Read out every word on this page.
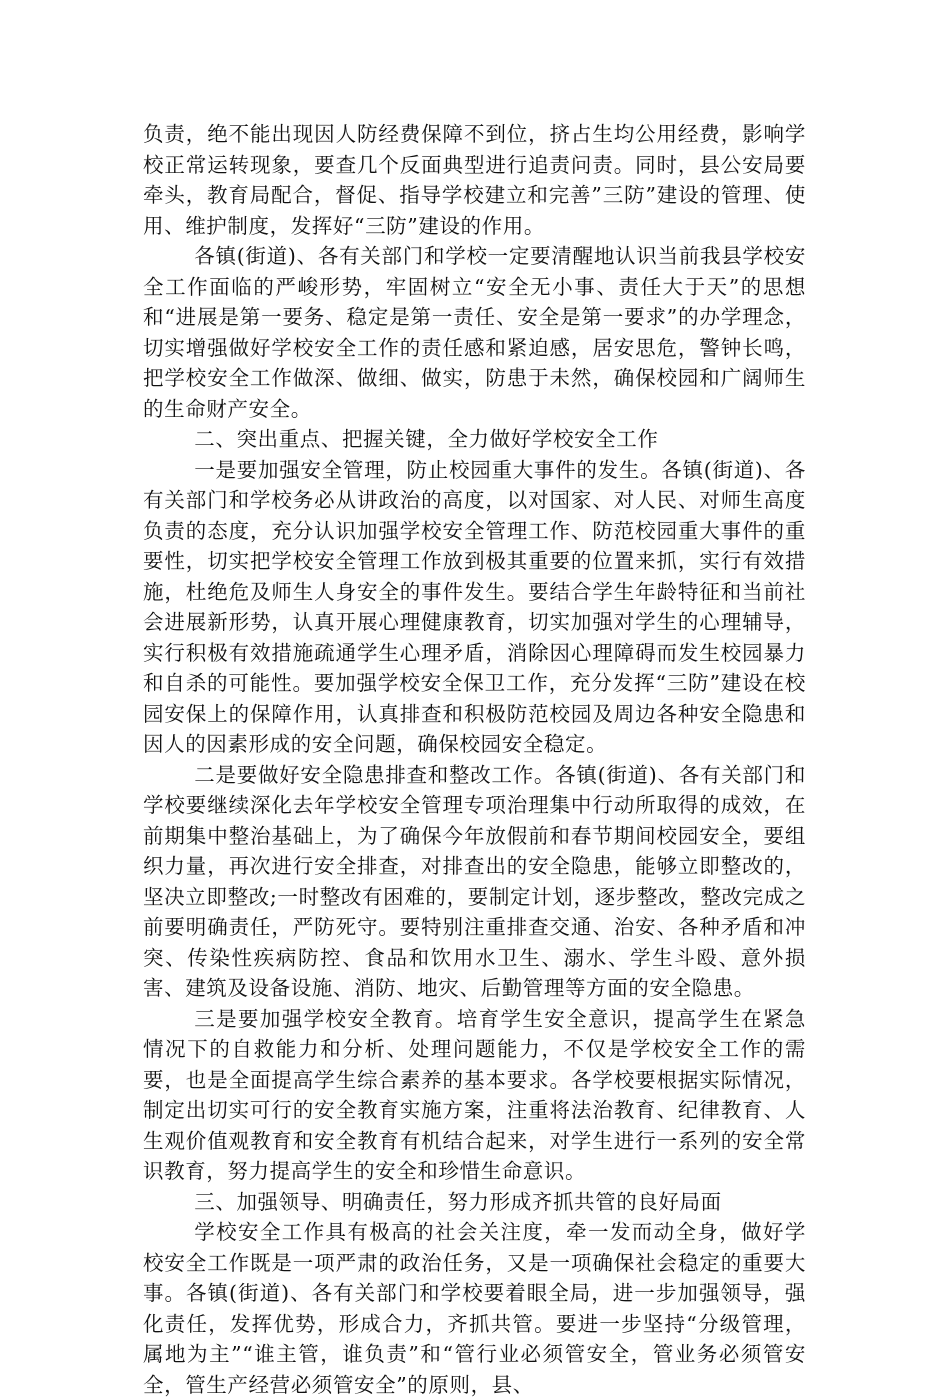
负责，绝不能出现因人防经费保障不到位，挤占生均公用经费，影响学校正常运转现象，要查几个反面典型进行追责问责。同时，县公安局要牵头，教育局配合，督促、指导学校建立和完善”三防”建设的管理、使用、维护制度，发挥好“三防”建设的作用。

各镇(街道)、各有关部门和学校一定要清醒地认识当前我县学校安全工作面临的严峻形势，牢固树立“安全无小事、责任大于天”的思想和“进展是第一要务、稳定是第一责任、安全是第一要求”的办学理念，切实增强做好学校安全工作的责任感和紧迫感，居安思危，警钟长鸣，把学校安全工作做深、做细、做实，防患于未然，确保校园和广阔师生的生命财产安全。

二、突出重点、把握关键，全力做好学校安全工作

一是要加强安全管理，防止校园重大事件的发生。各镇(街道)、各有关部门和学校务必从讲政治的高度，以对国家、对人民、对师生高度负责的态度，充分认识加强学校安全管理工作、防范校园重大事件的重要性，切实把学校安全管理工作放到极其重要的位置来抓，实行有效措施，杜绝危及师生人身安全的事件发生。要结合学生年龄特征和当前社会进展新形势，认真开展心理健康教育，切实加强对学生的心理辅导，实行积极有效措施疏通学生心理矛盾，消除因心理障碍而发生校园暴力和自杀的可能性。要加强学校安全保卫工作，充分发挥“三防”建设在校园安保上的保障作用，认真排查和积极防范校园及周边各种安全隐患和因人的因素形成的安全问题，确保校园安全稳定。

二是要做好安全隐患排查和整改工作。各镇(街道)、各有关部门和学校要继续深化去年学校安全管理专项治理集中行动所取得的成效，在前期集中整治基础上，为了确保今年放假前和春节期间校园安全，要组织力量，再次进行安全排查，对排查出的安全隐患，能够立即整改的，坚决立即整改;一时整改有困难的，要制定计划，逐步整改，整改完成之前要明确责任，严防死守。要特别注重排查交通、治安、各种矛盾和冲突、传染性疾病防控、食品和饮用水卫生、溺水、学生斗殴、意外损害、建筑及设备设施、消防、地灾、后勤管理等方面的安全隐患。

三是要加强学校安全教育。培育学生安全意识，提高学生在紧急情况下的自救能力和分析、处理问题能力，不仅是学校安全工作的需要，也是全面提高学生综合素养的基本要求。各学校要根据实际情况，制定出切实可行的安全教育实施方案，注重将法治教育、纪律教育、人生观价值观教育和安全教育有机结合起来，对学生进行一系列的安全常识教育，努力提高学生的安全和珍惜生命意识。

三、加强领导、明确责任，努力形成齐抓共管的良好局面

学校安全工作具有极高的社会关注度，牵一发而动全身，做好学校安全工作既是一项严肃的政治任务，又是一项确保社会稳定的重要大事。各镇(街道)、各有关部门和学校要着眼全局，进一步加强领导，强化责任，发挥优势，形成合力，齐抓共管。要进一步坚持“分级管理，属地为主”“谁主管，谁负责”和“管行业必须管安全，管业务必须管安全，管生产经营必须管安全”的原则，县、
